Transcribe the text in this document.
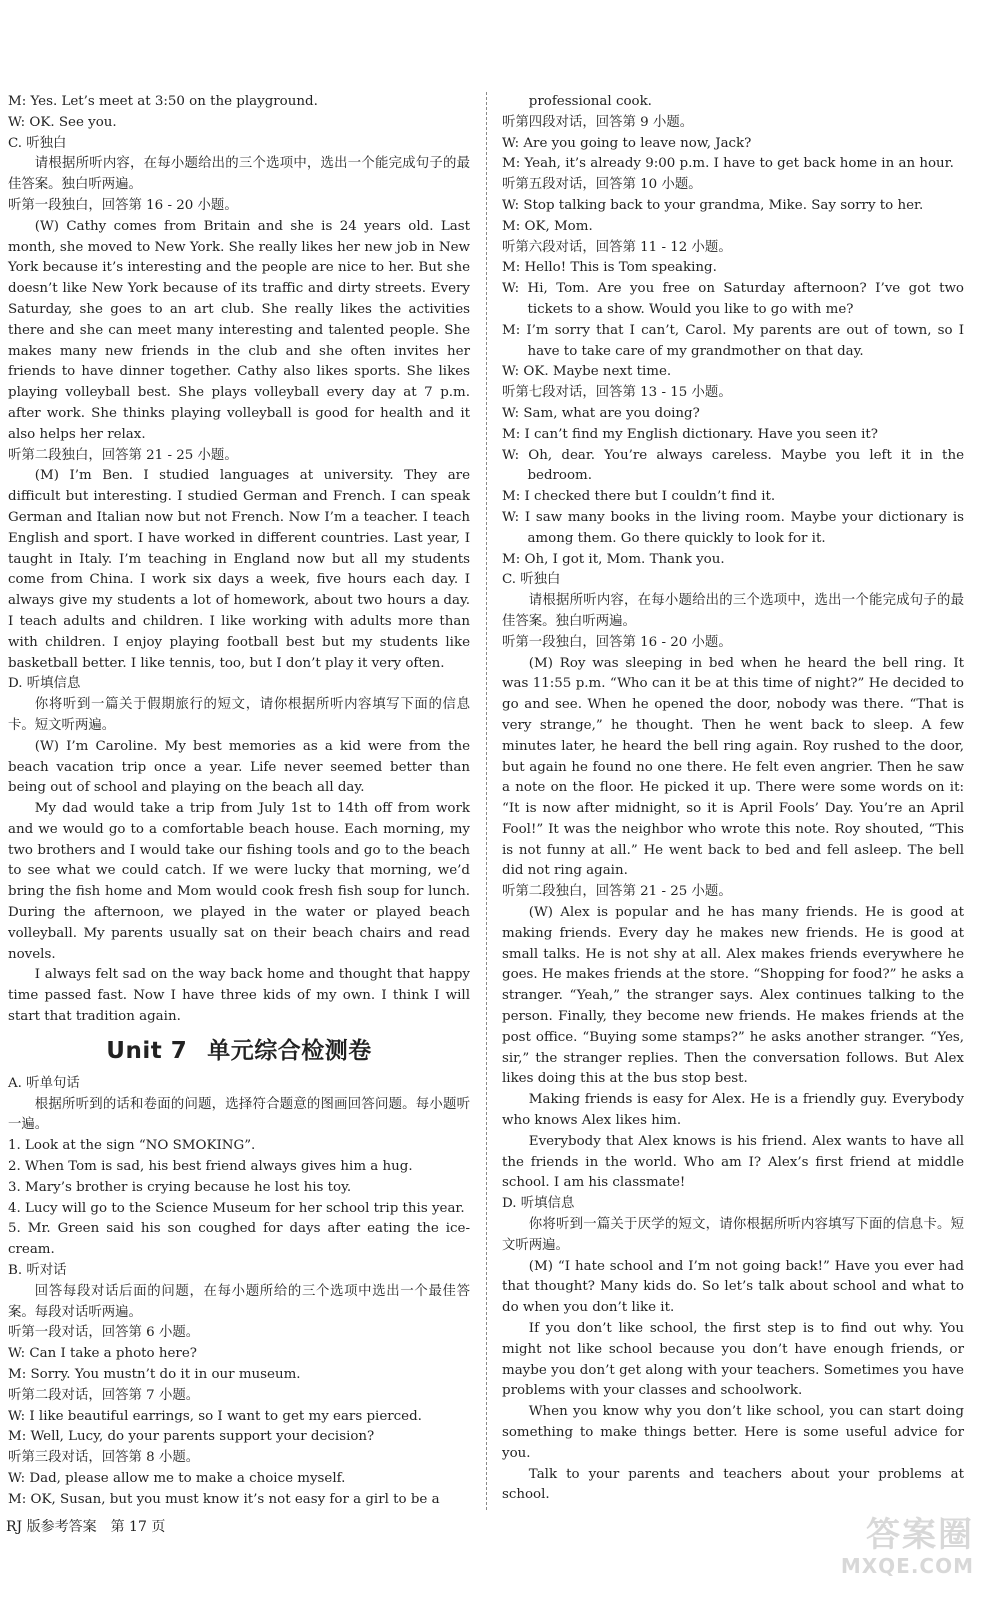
M: Yes. Let’s meet at 3:50 on the playground.

W: OK. See you.

C. 听独白

请根据所听内容，在每小题给出的三个选项中，选出一个能完成句子的最佳答案。独白听两遍。

听第一段独白，回答第 16 - 20 小题。

(W) Cathy comes from Britain and she is 24 years old. Last month, she moved to New York. She really likes her new job in New York because it’s interesting and the people are nice to her. But she doesn’t like New York because of its traffic and dirty streets. Every Saturday, she goes to an art club. She really likes the activities there and she can meet many interesting and talented people. She makes many new friends in the club and she often invites her friends to have dinner together. Cathy also likes sports. She likes playing volleyball best. She plays volleyball every day at 7 p.m. after work. She thinks playing volleyball is good for health and it also helps her relax.

听第二段独白，回答第 21 - 25 小题。

(M) I’m Ben. I studied languages at university. They are difficult but interesting. I studied German and French. I can speak German and Italian now but not French. Now I’m a teacher. I teach English and sport. I have worked in different countries. Last year, I taught in Italy. I’m teaching in England now but all my students come from China. I work six days a week, five hours each day. I always give my students a lot of homework, about two hours a day. I teach adults and children. I like working with adults more than with children. I enjoy playing football best but my students like basketball better. I like tennis, too, but I don’t play it very often.

D. 听填信息

你将听到一篇关于假期旅行的短文，请你根据所听内容填写下面的信息卡。短文听两遍。

(W) I’m Caroline. My best memories as a kid were from the beach vacation trip once a year. Life never seemed better than being out of school and playing on the beach all day.

My dad would take a trip from July 1st to 14th off from work and we would go to a comfortable beach house. Each morning, my two brothers and I would take our fishing tools and go to the beach to see what we could catch. If we were lucky that morning, we’d bring the fish home and Mom would cook fresh fish soup for lunch. During the afternoon, we played in the water or played beach volleyball. My parents usually sat on their beach chairs and read novels.

I always felt sad on the way back home and thought that happy time passed fast. Now I have three kids of my own. I think I will start that tradition again.

Unit 7 单元综合检测卷

A. 听单句话

根据所听到的话和卷面的问题，选择符合题意的图画回答问题。每小题听一遍。

1. Look at the sign “NO SMOKING”.

2. When Tom is sad, his best friend always gives him a hug.

3. Mary’s brother is crying because he lost his toy.

4. Lucy will go to the Science Museum for her school trip this year.

5. Mr. Green said his son coughed for days after eating the ice-cream.

B. 听对话

回答每段对话后面的问题，在每小题所给的三个选项中选出一个最佳答案。每段对话听两遍。

听第一段对话，回答第 6 小题。

W: Can I take a photo here?

M: Sorry. You mustn’t do it in our museum.

听第二段对话，回答第 7 小题。

W: I like beautiful earrings, so I want to get my ears pierced.

M: Well, Lucy, do your parents support your decision?

听第三段对话，回答第 8 小题。

W: Dad, please allow me to make a choice myself.

M: OK, Susan, but you must know it’s not easy for a girl to be a

professional cook.

听第四段对话，回答第 9 小题。

W: Are you going to leave now, Jack?

M: Yeah, it’s already 9:00 p.m. I have to get back home in an hour.

听第五段对话，回答第 10 小题。

W: Stop talking back to your grandma, Mike. Say sorry to her.

M: OK, Mom.

听第六段对话，回答第 11 - 12 小题。

M: Hello! This is Tom speaking.

W: Hi, Tom. Are you free on Saturday afternoon? I’ve got two tickets to a show. Would you like to go with me?

M: I’m sorry that I can’t, Carol. My parents are out of town, so I have to take care of my grandmother on that day.

W: OK. Maybe next time.

听第七段对话，回答第 13 - 15 小题。

W: Sam, what are you doing?

M: I can’t find my English dictionary. Have you seen it?

W: Oh, dear. You’re always careless. Maybe you left it in the bedroom.

M: I checked there but I couldn’t find it.

W: I saw many books in the living room. Maybe your dictionary is among them. Go there quickly to look for it.

M: Oh, I got it, Mom. Thank you.

C. 听独白

请根据所听内容，在每小题给出的三个选项中，选出一个能完成句子的最佳答案。独白听两遍。

听第一段独白，回答第 16 - 20 小题。

(M) Roy was sleeping in bed when he heard the bell ring. It was 11:55 p.m. “Who can it be at this time of night?” He decided to go and see. When he opened the door, nobody was there. “That is very strange,” he thought. Then he went back to sleep. A few minutes later, he heard the bell ring again. Roy rushed to the door, but again he found no one there. He felt even angrier. Then he saw a note on the floor. He picked it up. There were some words on it: “It is now after midnight, so it is April Fools’ Day. You’re an April Fool!” It was the neighbor who wrote this note. Roy shouted, “This is not funny at all.” He went back to bed and fell asleep. The bell did not ring again.

听第二段独白，回答第 21 - 25 小题。

(W) Alex is popular and he has many friends. He is good at making friends. Every day he makes new friends. He is good at small talks. He is not shy at all. Alex makes friends everywhere he goes. He makes friends at the store. “Shopping for food?” he asks a stranger. “Yeah,” the stranger says. Alex continues talking to the person. Finally, they become new friends. He makes friends at the post office. “Buying some stamps?” he asks another stranger. “Yes, sir,” the stranger replies. Then the conversation follows. But Alex likes doing this at the bus stop best.

Making friends is easy for Alex. He is a friendly guy. Everybody who knows Alex likes him.

Everybody that Alex knows is his friend. Alex wants to have all the friends in the world. Who am I? Alex’s first friend at middle school. I am his classmate!

D. 听填信息

你将听到一篇关于厌学的短文，请你根据所听内容填写下面的信息卡。短文听两遍。

(M) “I hate school and I’m not going back!” Have you ever had that thought? Many kids do. So let’s talk about school and what to do when you don’t like it.

If you don’t like school, the first step is to find out why. You might not like school because you don’t have enough friends, or maybe you don’t get along with your teachers. Sometimes you have problems with your classes and schoolwork.

When you know why you don’t like school, you can start doing something to make things better. Here is some useful advice for you.

Talk to your parents and teachers about your problems at school.

RJ 版参考答案　第 17 页	答案圈
MXQE.COM
